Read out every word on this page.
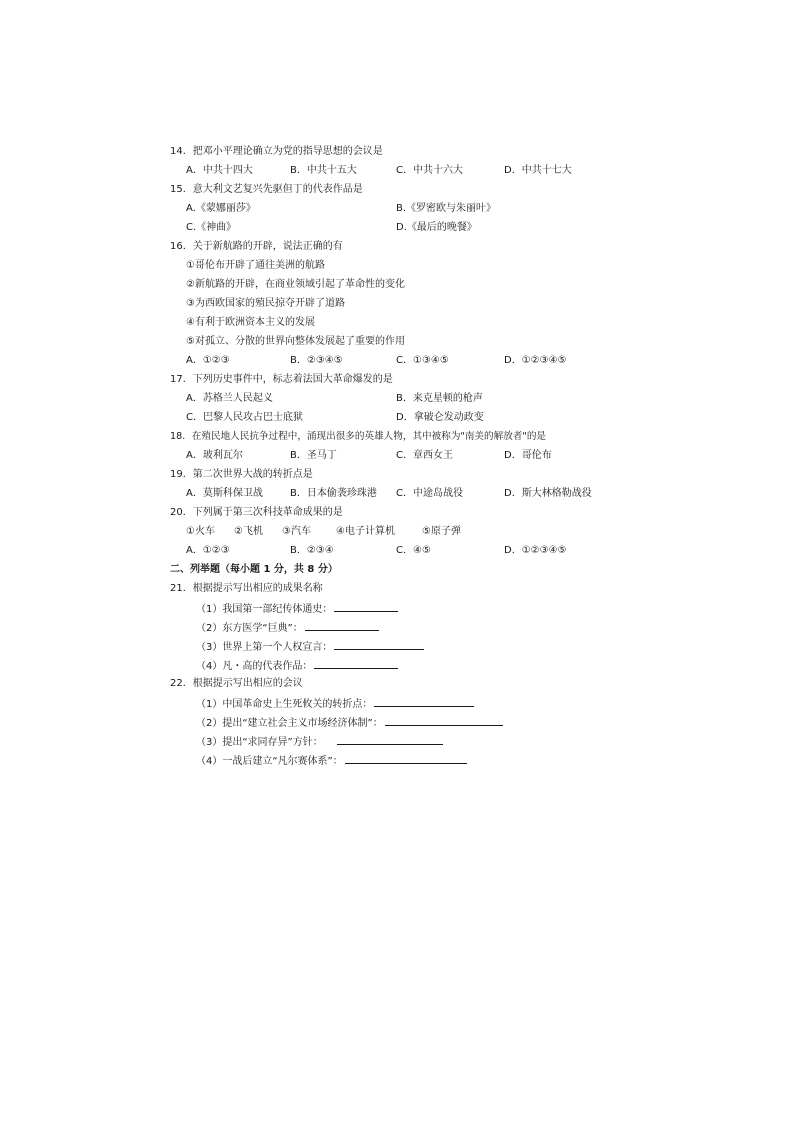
14．把邓小平理论确立为党的指导思想的会议是
A．中共十四大	B．中共十五大	C．中共十六大	D．中共十七大
15．意大利文艺复兴先驱但丁的代表作品是
A.《蒙娜丽莎》	B.《罗密欧与朱丽叶》
C.《神曲》	D.《最后的晚餐》
16．关于新航路的开辟，说法正确的有
①哥伦布开辟了通往美洲的航路
②新航路的开辟，在商业领域引起了革命性的变化
③为西欧国家的殖民掠夺开辟了道路
④有利于欧洲资本主义的发展
⑤对孤立、分散的世界向整体发展起了重要的作用
A．①②③	B．②③④⑤	C．①③④⑤	D．①②③④⑤
17．下列历史事件中，标志着法国大革命爆发的是
A．苏格兰人民起义	B．来克星顿的枪声
C．巴黎人民攻占巴士底狱	D．拿破仑发动政变
18．在殖民地人民抗争过程中，涌现出很多的英雄人物，其中被称为"南美的解放者"的是
A．玻利瓦尔	B．圣马丁	C．章西女王	D．哥伦布
19．第二次世界大战的转折点是
A．莫斯科保卫战	B．日本偷袭珍珠港 C．中途岛战役	D．斯大林格勒战役
20．下列属于第三次科技革命成果的是
①火车 ②飞机 ③汽车	④电子计算机	⑤原子弹
A．①②③	B．②③④	C．④⑤	D．①②③④⑤
二、列举题（每小题 1 分，共 8 分）
21．根据提示写出相应的成果名称
（1）我国第一部纪传体通史：
（2）东方医学“巨典”：
（3）世界上第一个人权宣言：
（4）凡・高的代表作品：
22．根据提示写出相应的会议
（1）中国革命史上生死攸关的转折点：
（2）提出“建立社会主义市场经济体制”：
（3）提出“求同存异”方针：
（4）一战后建立“凡尔赛体系”：
